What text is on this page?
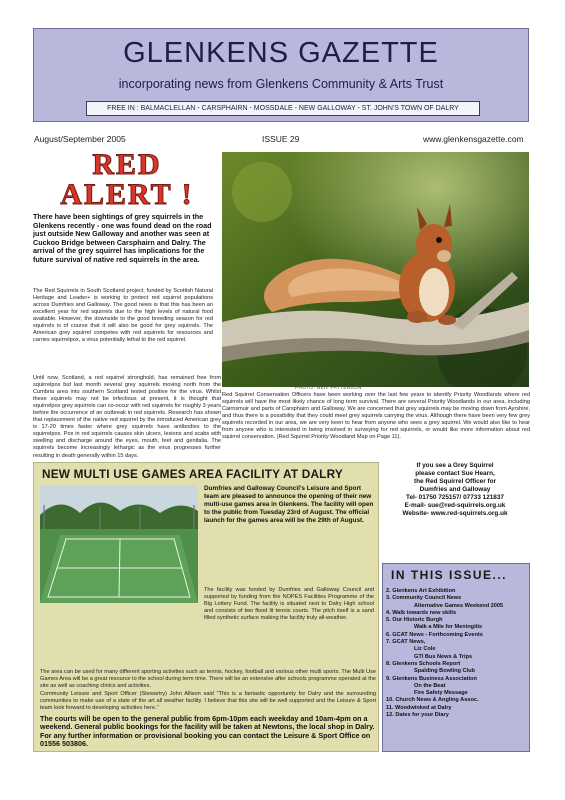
GLENKENS GAZETTE
incorporating news from Glenkens Community & Arts Trust
FREE IN : BALMACLELLAN - CARSPHAIRN - MOSSDALE - NEW GALLOWAY - ST. JOHN'S TOWN OF DALRY
August/September 2005	ISSUE 29	www.glenkensgazette.com
RED
ALERT !
PHOTO: NEIL PATTENSON
There have been sightings of grey squirrels in the Glenkens recently - one was found dead on the road just outside New Galloway and another was seen at Cuckoo Bridge between Carsphairn and Dalry. The arrival of the grey squirrel has implications for the future survival of native red squirrels in the area.
The Red Squirrels in South Scotland project, funded by Scottish Natural Heritage and Leader+ is working to protect red squirrel populations across Dumfries and Galloway. The good news is that this has been an excellent year for red squirrels due to the high levels of natural food available. However, the downside to the good breeding season for red squirrels is of course that it will also be good for grey squirrels. The American grey squirrel competes with red squirrels for resources and carries squirrelpox, a virus potentially lethal to the red squirrel.
Until now, Scotland, a red squirrel stronghold, has remained free from squirrelpox but last month several grey squirrels moving north from the Cumbria area into southern Scotland tested positive for the virus. Whilst these squirrels may not be infectious at present, it is thought that squirrelpox grey squirrels can co-occur with red squirrels for roughly 3 years before the occurrence of an outbreak in red squirrels. Research has shown that replacement of the native red squirrel by the introduced American grey is 17-20 times faster where grey squirrels have antibodies to the squirrelpox. Pox in red squirrels causes skin ulcers, lesions and scabs with swelling and discharge around the eyes, mouth, feet and genitalia. The squirrels become increasingly lethargic as the virus progresses further resulting in death generally within 15 days.
Red Squirrel Conservation Officers have been working over the last few years to identify Priority Woodlands where red squirrels will have the most likely chance of long term survival. There are several Priority Woodlands in our area, including Cairnsmuir and parts of Carsphairn and Galloway. We are concerned that grey squirrels may be moving down from Ayrshire, and thus there is a possibility that they could meet grey squirrels carrying the virus. Although there have been very few grey squirrels recorded in our area, we are very keen to hear from anyone who sees a grey squirrel. We would also like to hear from anyone who is interested in being involved in surveying for red squirrels, or would like more information about red squirrel conservation. (Red Squirrel Priority Woodland Map on Page 11).
NEW MULTI USE GAMES AREA FACILITY AT DALRY
Dumfries and Galloway Council's Leisure and Sport team are pleased to announce the opening of their new multi-use games area in Glenkens. The facility will open to the public from Tuesday 23rd of August. The official launch for the games area will be the 29th of August.
The facility was funded by Dumfries and Galloway Council and supported by funding from the NOPES Facilities Programme of the Big Lottery Fund. The facility is situated next to Dalry High school and consists of two flood lit tennis courts. The pitch itself is a sand filled synthetic surface making the facility truly all-weather.
The area can be used for many different sporting activities such as tennis, hockey, football and various other multi sports. The Multi Use Games Area will be a great resource to the school during term time. There will be an extensive after schools programme operated at the site as well as coaching clinics and activities.
Community Leisure and Sport Officer (Stewartry) John Allison said "This is a fantastic opportunity for Dalry and the surrounding communities to make use of a state of the art all weather facility. I believe that this site will be well supported and the Leisure & Sport team look forward to developing activities here."
The courts will be open to the general public from 6pm-10pm each weekday and 10am-4pm on a weekend. General public bookings for the facility will be taken at Newtons, the local shop in Dalry. For any further information or provisional booking you can contact the Leisure & Sport Office on 01556 503806.
If you see a Grey Squirrel
please contact Sue Hearn,
the Red Squirrel Officer for
Dumfries and Galloway
Tel- 01750 725157/ 07733 121837
E-mail- sue@red-squirrels.org.uk
Website- www.red-squirrels.org.uk
IN THIS ISSUE...
2. Glenkens Art Exhibition
3. Community Council News
Alternative Games Weekend 2005
4. Walk towards new skills
5. Our Historic Burgh
Walk a Mile for Meningitis
6. GCAT News - Forthcoming Events
7. GCAT News,
Liz Cole
GTI Bus News & Trips
8. Glenkens Schools Report
Spalding Bowling Club
9. Glenkens Business Association
On the Beat
Fire Safety Message
10. Church News & Angling Assoc.
11. Woodwinked at Dalry
12. Dates for your Diary
